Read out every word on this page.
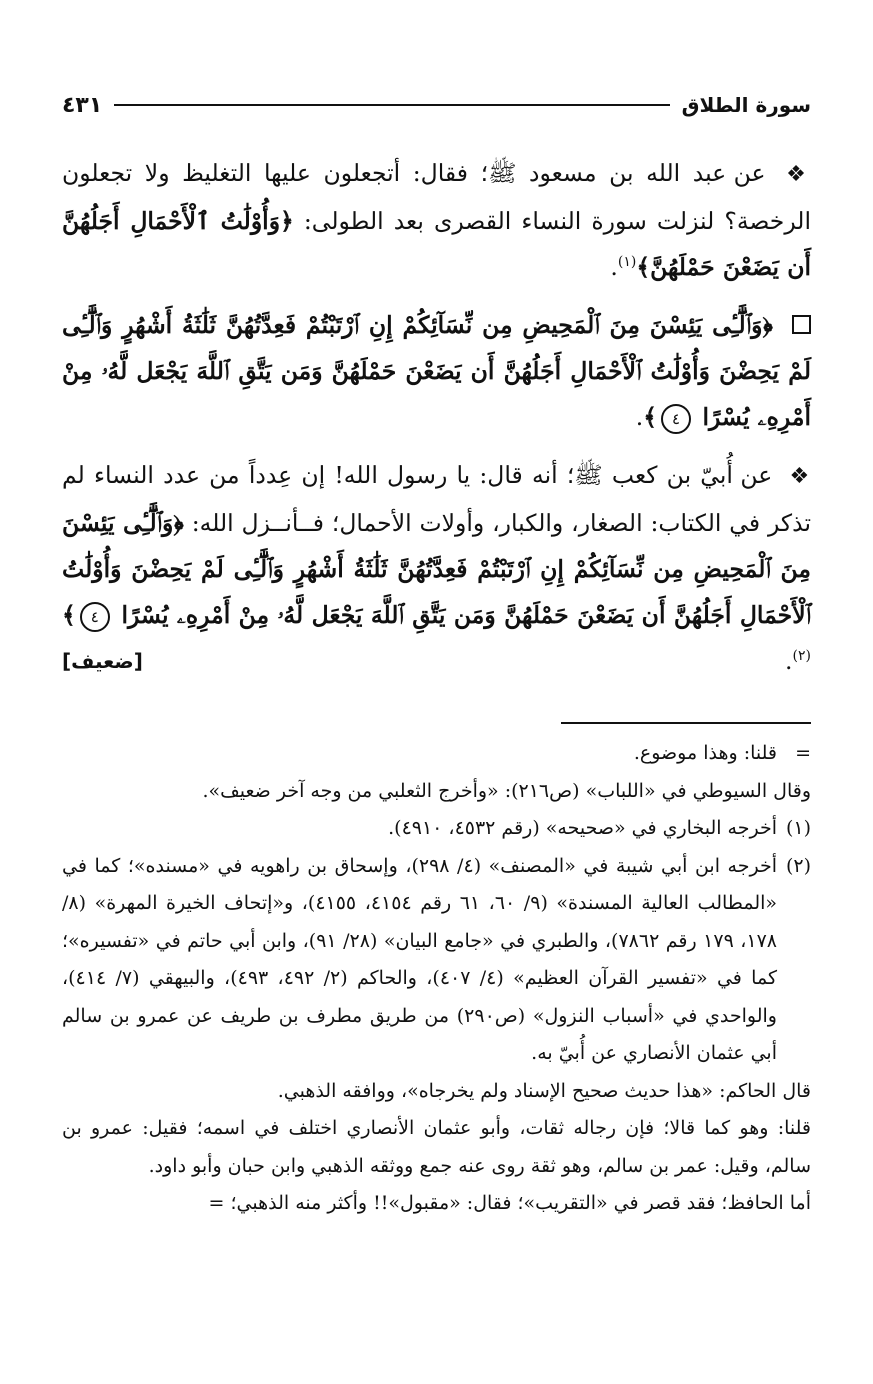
سورة الطلاق
٤٣١

❖ عن عبد الله بن مسعود ﷺ؛ فقال: أتجعلون عليها التغليظ ولا تجعلون الرخصة؟ لنزلت سورة النساء القصرى بعد الطولى: ﴿وَأُوْلَٰتُ ٱلْأَحْمَالِ أَجَلُهُنَّ أَن يَضَعْنَ حَمْلَهُنَّ﴾$^{(١)}$.

﴿وَٱلَّٰٓـِٔى يَئِسْنَ مِنَ ٱلْمَحِيضِ مِن نِّسَآئِكُمْ إِنِ ٱرْتَبْتُمْ فَعِدَّتُهُنَّ ثَلَٰثَةُ أَشْهُرٍ وَٱلَّٰٓـِٔى لَمْ يَحِضْنَ وَأُوْلَٰتُ ٱلْأَحْمَالِ أَجَلُهُنَّ أَن يَضَعْنَ حَمْلَهُنَّ وَمَن يَتَّقِ ٱللَّهَ يَجْعَل لَّهُۥ مِنْ أَمْرِهِۦ يُسْرًا ٤﴾.

❖ عن أُبيّ بن كعب ﷺ؛ أنه قال: يا رسول الله! إن عِدداً من عدد النساء لم تذكر في الكتاب: الصغار، والكبار، وأولات الأحمال؛ فــأنــزل الله: ﴿وَٱلَّٰٓـِٔى يَئِسْنَ مِنَ ٱلْمَحِيضِ مِن نِّسَآئِكُمْ إِنِ ٱرْتَبْتُمْ فَعِدَّتُهُنَّ ثَلَٰثَةُ أَشْهُرٍ وَٱلَّٰٓـِٔى لَمْ يَحِضْنَ وَأُوْلَٰتُ ٱلْأَحْمَالِ أَجَلُهُنَّ أَن يَضَعْنَ حَمْلَهُنَّ وَمَن يَتَّقِ ٱللَّهَ يَجْعَل لَّهُۥ مِنْ أَمْرِهِۦ يُسْرًا ٤﴾$^{(٢)}$.
[ضعيف]

=
قلنا: وهذا موضوع.

وقال السيوطي في «اللباب» (ص٢١٦): «وأخرج الثعلبي من وجه آخر ضعيف».

(١)
أخرجه البخاري في «صحيحه» (رقم ٤٥٣٢، ٤٩١٠).

(٢)
أخرجه ابن أبي شيبة في «المصنف» (٤/ ٢٩٨)، وإسحاق بن راهويه في «مسنده»؛ كما في «المطالب العالية المسندة» (٩/ ٦٠، ٦١ رقم ٤١٥٤، ٤١٥٥)، و«إتحاف الخيرة المهرة» (٨/ ١٧٨، ١٧٩ رقم ٧٨٦٢)، والطبري في «جامع البيان» (٢٨/ ٩١)، وابن أبي حاتم في «تفسيره»؛ كما في «تفسير القرآن العظيم» (٤/ ٤٠٧)، والحاكم (٢/ ٤٩٢، ٤٩٣)، والبيهقي (٧/ ٤١٤)، والواحدي في «أسباب النزول» (ص٢٩٠) من طريق مطرف بن طريف عن عمرو بن سالم أبي عثمان الأنصاري عن أُبيّ به.

قال الحاكم: «هذا حديث صحيح الإسناد ولم يخرجاه»، ووافقه الذهبي.

قلنا: وهو كما قالا؛ فإن رجاله ثقات، وأبو عثمان الأنصاري اختلف في اسمه؛ فقيل: عمرو بن سالم، وقيل: عمر بن سالم، وهو ثقة روى عنه جمع ووثقه الذهبي وابن حبان وأبو داود.

أما الحافظ؛ فقد قصر في «التقريب»؛ فقال: «مقبول»!! وأكثر منه الذهبي؛ =
